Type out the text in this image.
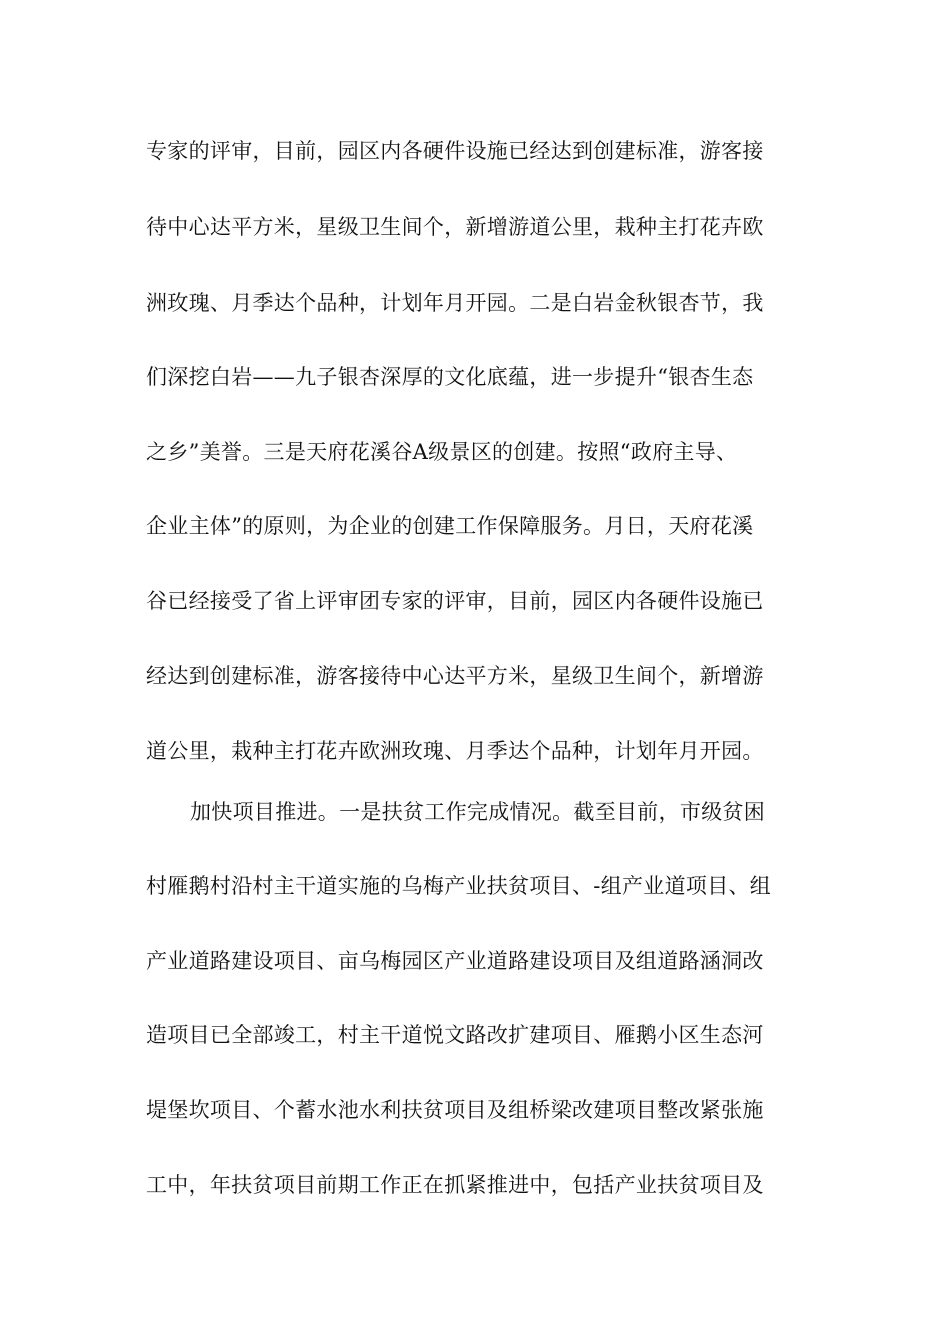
专家的评审，目前，园区内各硬件设施已经达到创建标准，游客接
待中心达平方米，星级卫生间个，新增游道公里，栽种主打花卉欧
洲玫瑰、月季达个品种，计划年月开园。二是白岩金秋银杏节，我
们深挖白岩——九子银杏深厚的文化底蕴，进一步提升“银杏生态
之乡”美誉。三是天府花溪谷A级景区的创建。按照“政府主导、
企业主体”的原则，为企业的创建工作保障服务。月日，天府花溪
谷已经接受了省上评审团专家的评审，目前，园区内各硬件设施已
经达到创建标准，游客接待中心达平方米，星级卫生间个，新增游
道公里，栽种主打花卉欧洲玫瑰、月季达个品种，计划年月开园。
加快项目推进。一是扶贫工作完成情况。截至目前，市级贫困
村雁鹅村沿村主干道实施的乌梅产业扶贫项目、-组产业道项目、组
产业道路建设项目、亩乌梅园区产业道路建设项目及组道路涵洞改
造项目已全部竣工，村主干道悦文路改扩建项目、雁鹅小区生态河
堤堡坎项目、个蓄水池水利扶贫项目及组桥梁改建项目整改紧张施
工中，年扶贫项目前期工作正在抓紧推进中，包括产业扶贫项目及
